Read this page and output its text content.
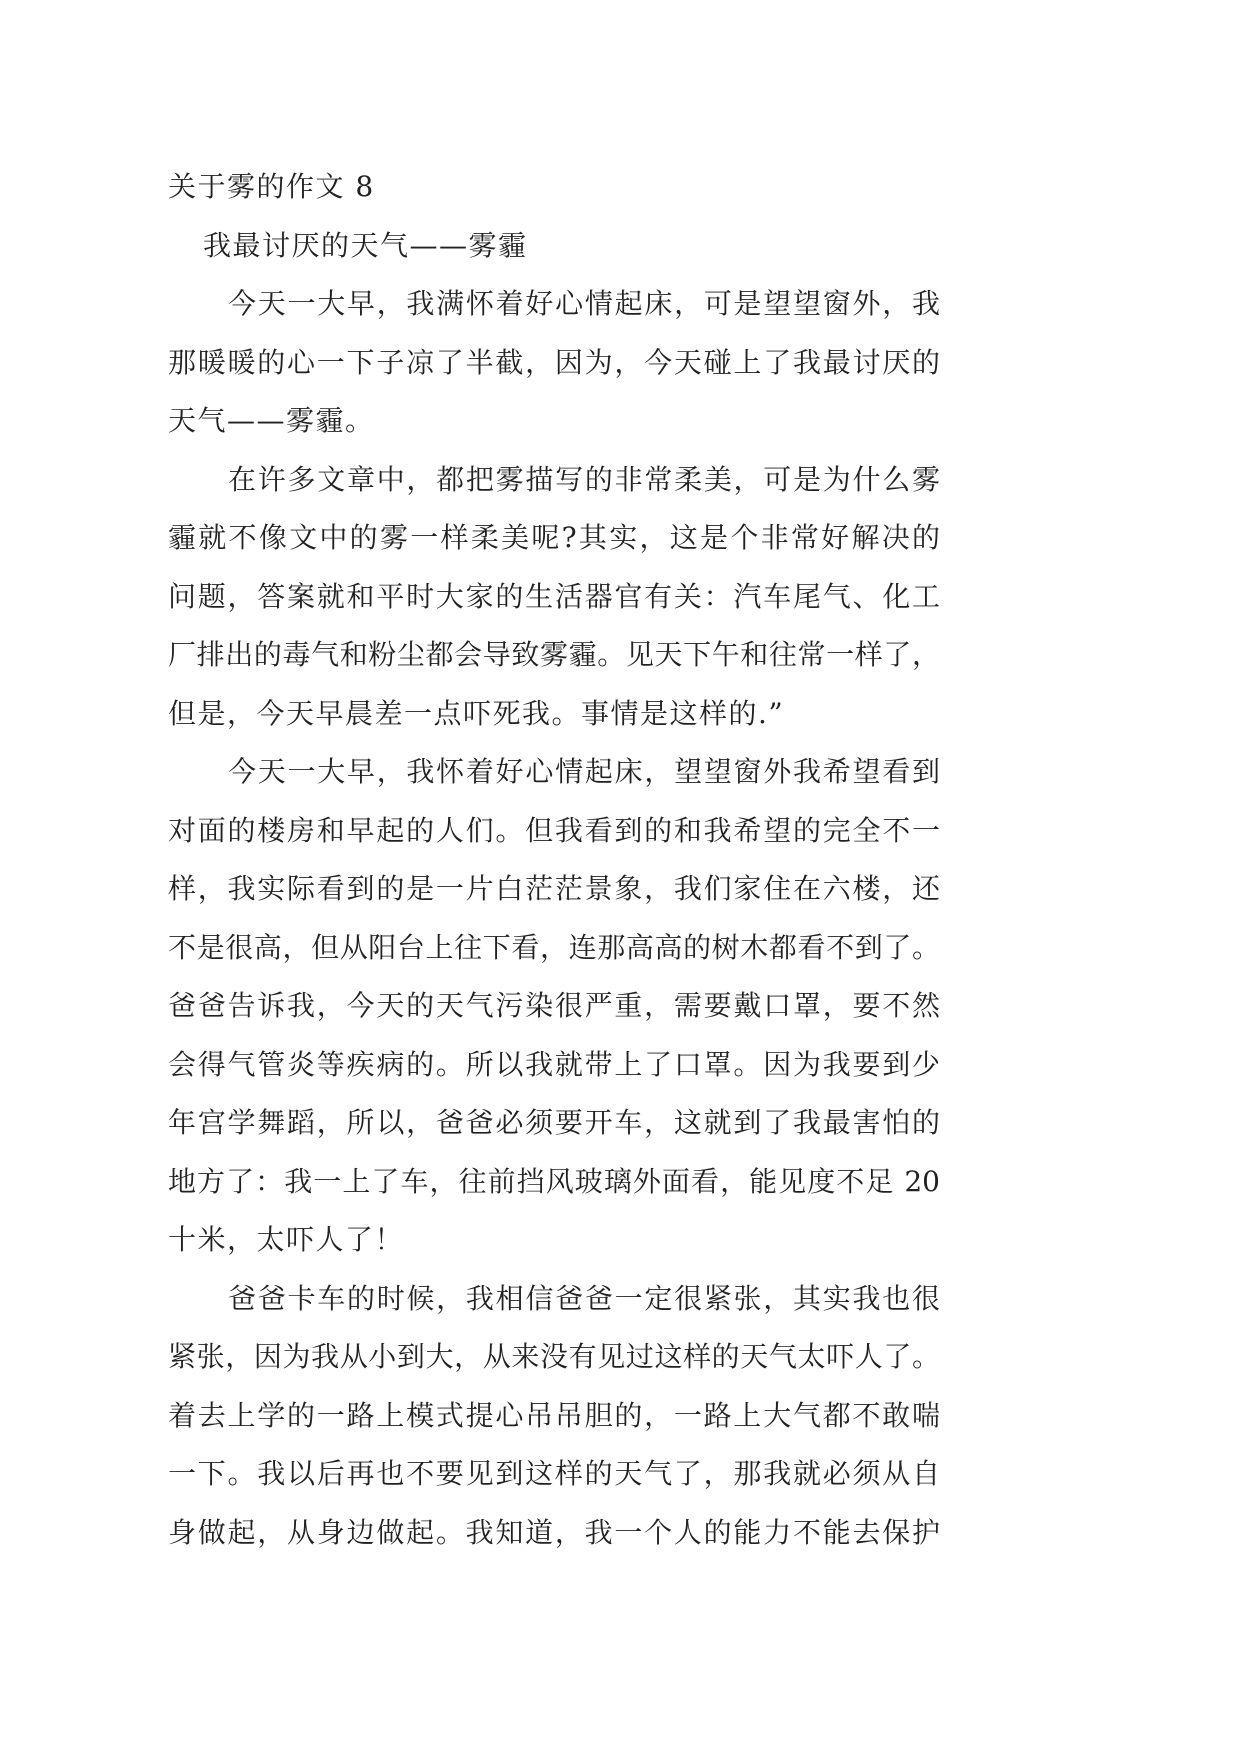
关于雾的作文 8
我最讨厌的天气——雾霾
今天一大早，我满怀着好心情起床，可是望望窗外，我
那暖暖的心一下子凉了半截，因为，今天碰上了我最讨厌的
天气——雾霾。
在许多文章中，都把雾描写的非常柔美，可是为什么雾
霾就不像文中的雾一样柔美呢?其实，这是个非常好解决的
问题，答案就和平时大家的生活器官有关：汽车尾气、化工
厂排出的毒气和粉尘都会导致雾霾。见天下午和往常一样了，
但是，今天早晨差一点吓死我。事情是这样的.”
今天一大早，我怀着好心情起床，望望窗外我希望看到
对面的楼房和早起的人们。但我看到的和我希望的完全不一
样，我实际看到的是一片白茫茫景象，我们家住在六楼，还
不是很高，但从阳台上往下看，连那高高的树木都看不到了。
爸爸告诉我，今天的天气污染很严重，需要戴口罩，要不然
会得气管炎等疾病的。所以我就带上了口罩。因为我要到少
年宫学舞蹈，所以，爸爸必须要开车，这就到了我最害怕的
地方了：我一上了车，往前挡风玻璃外面看，能见度不足 20
十米，太吓人了！
爸爸卡车的时候，我相信爸爸一定很紧张，其实我也很
紧张，因为我从小到大，从来没有见过这样的天气太吓人了。
着去上学的一路上模式提心吊吊胆的，一路上大气都不敢喘
一下。我以后再也不要见到这样的天气了，那我就必须从自
身做起，从身边做起。我知道，我一个人的能力不能去保护
